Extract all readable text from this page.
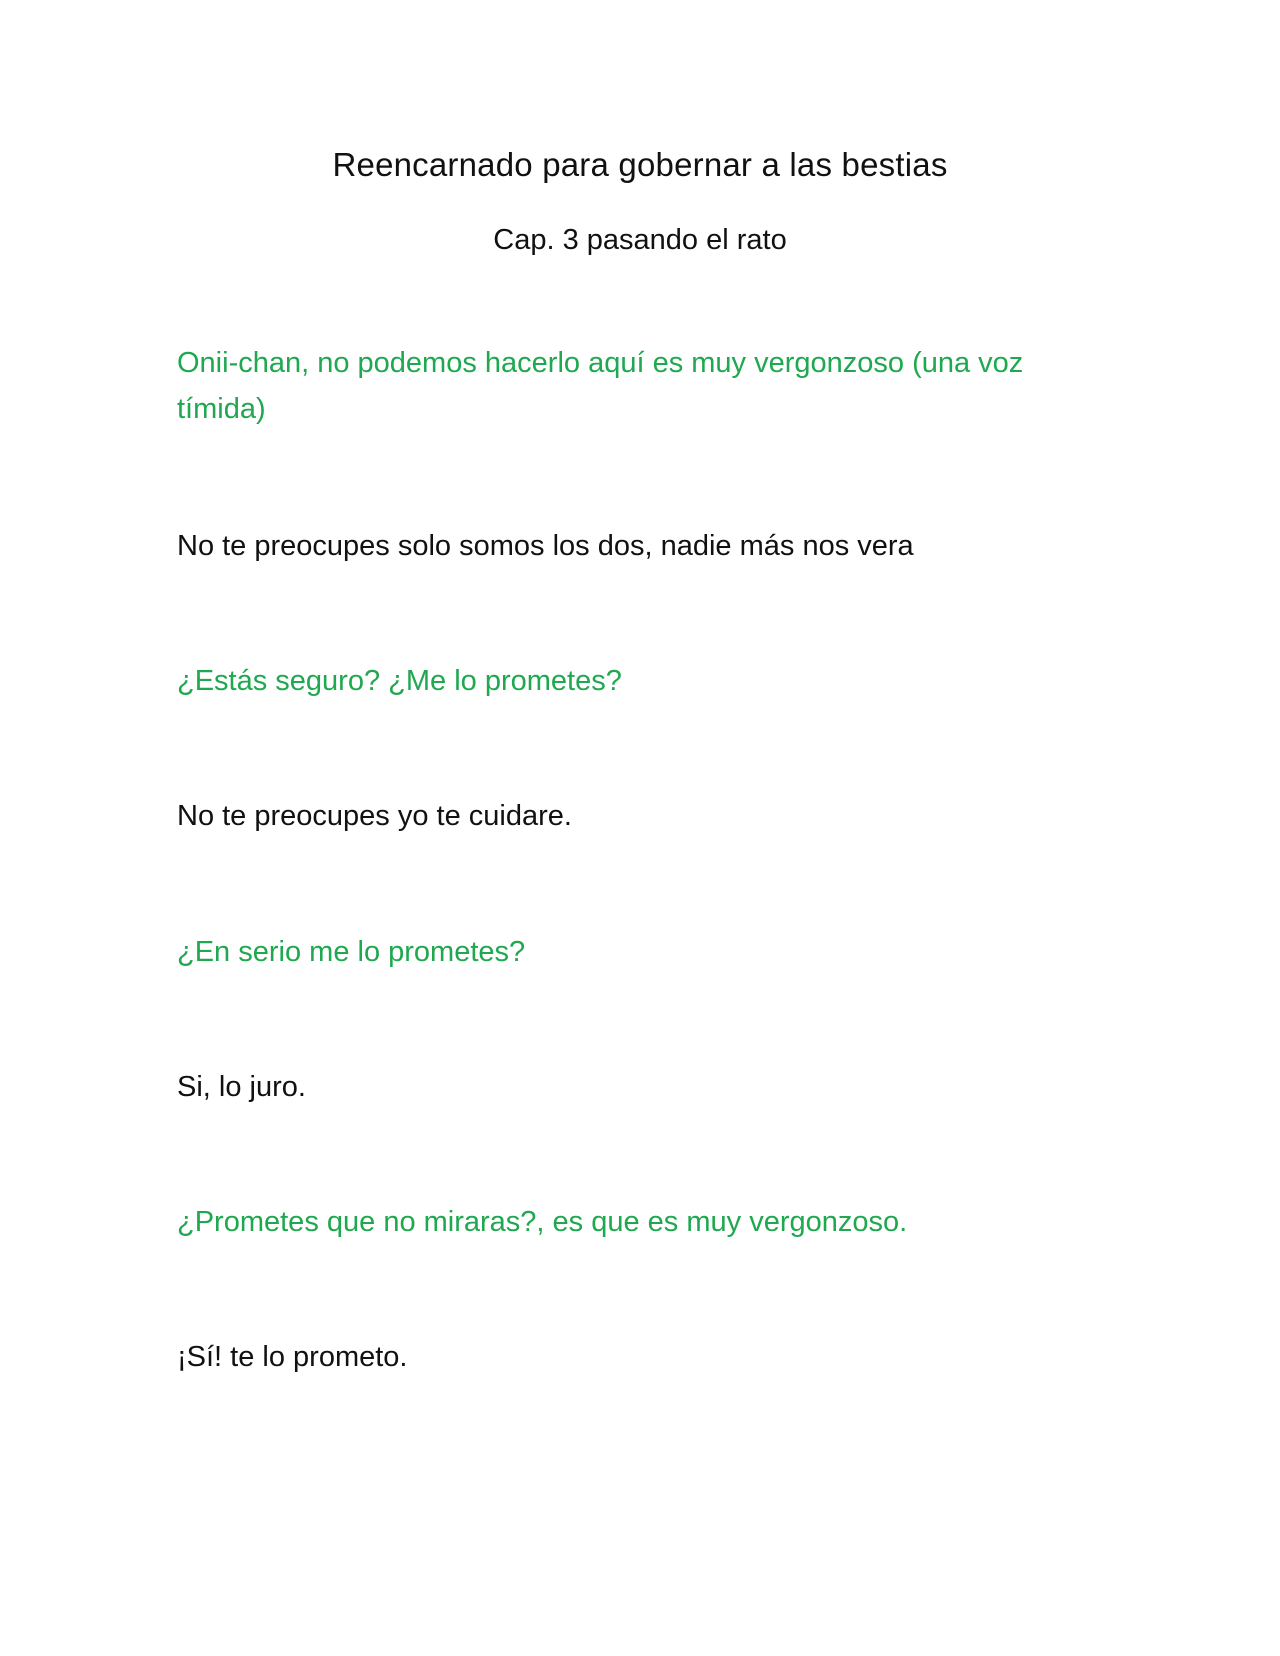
Reencarnado para gobernar a las bestias
Cap. 3 pasando el rato

Onii-chan, no podemos hacerlo aquí es muy vergonzoso (una voz tímida)

No te preocupes solo somos los dos, nadie más nos vera

¿Estás seguro? ¿Me lo prometes?

No te preocupes yo te cuidare.

¿En serio me lo prometes?

Si, lo juro.

¿Prometes que no miraras?, es que es muy vergonzoso.

¡Sí! te lo prometo.
